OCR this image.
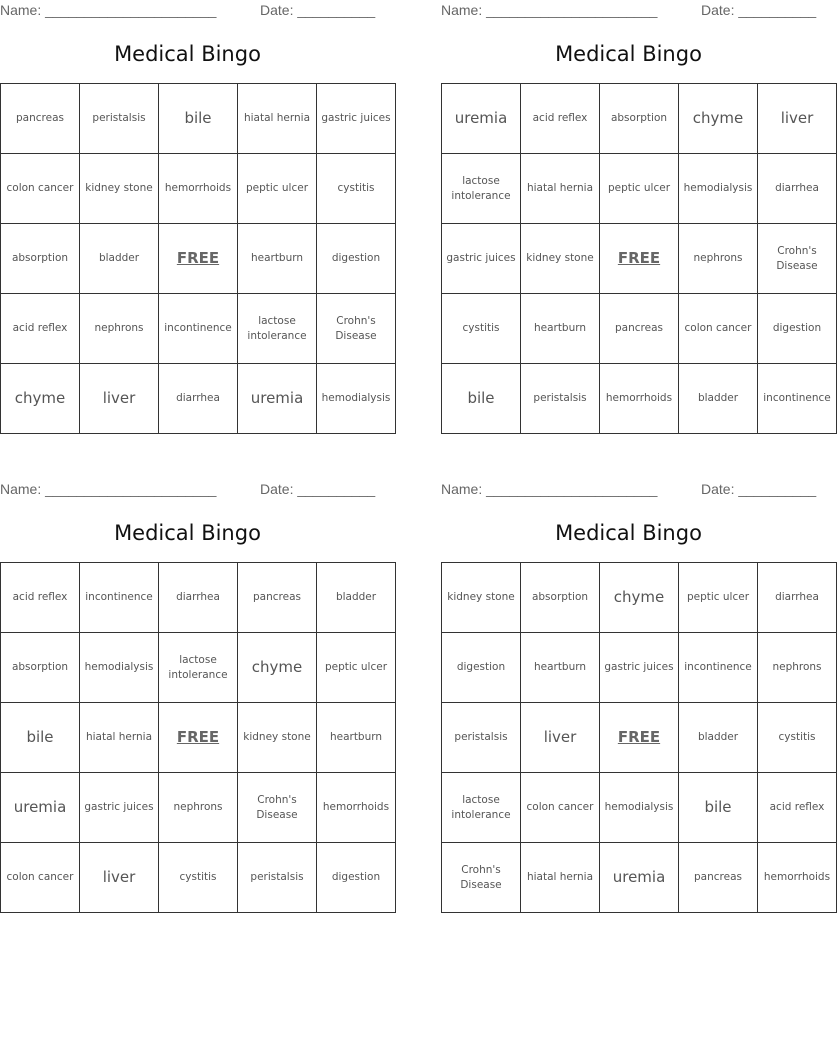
Name: ______________________	Date: __________
Medical Bingo
pancreas	peristalsis	bile	hiatal hernia	gastric juices
colon cancer	kidney stone	hemorrhoids	peptic ulcer	cystitis
absorption	bladder	FREE	heartburn	digestion
acid reflex	nephrons	incontinence	lactose intolerance	Crohn's Disease
chyme	liver	diarrhea	uremia	hemodialysis
Name: ______________________	Date: __________
Medical Bingo
uremia	acid reflex	absorption	chyme	liver
lactose intolerance	hiatal hernia	peptic ulcer	hemodialysis	diarrhea
gastric juices	kidney stone	FREE	nephrons	Crohn's Disease
cystitis	heartburn	pancreas	colon cancer	digestion
bile	peristalsis	hemorrhoids	bladder	incontinence
Name: ______________________	Date: __________
Medical Bingo
acid reflex	incontinence	diarrhea	pancreas	bladder
absorption	hemodialysis	lactose intolerance	chyme	peptic ulcer
bile	hiatal hernia	FREE	kidney stone	heartburn
uremia	gastric juices	nephrons	Crohn's Disease	hemorrhoids
colon cancer	liver	cystitis	peristalsis	digestion
Name: ______________________	Date: __________
Medical Bingo
kidney stone	absorption	chyme	peptic ulcer	diarrhea
digestion	heartburn	gastric juices	incontinence	nephrons
peristalsis	liver	FREE	bladder	cystitis
lactose intolerance	colon cancer	hemodialysis	bile	acid reflex
Crohn's Disease	hiatal hernia	uremia	pancreas	hemorrhoids
